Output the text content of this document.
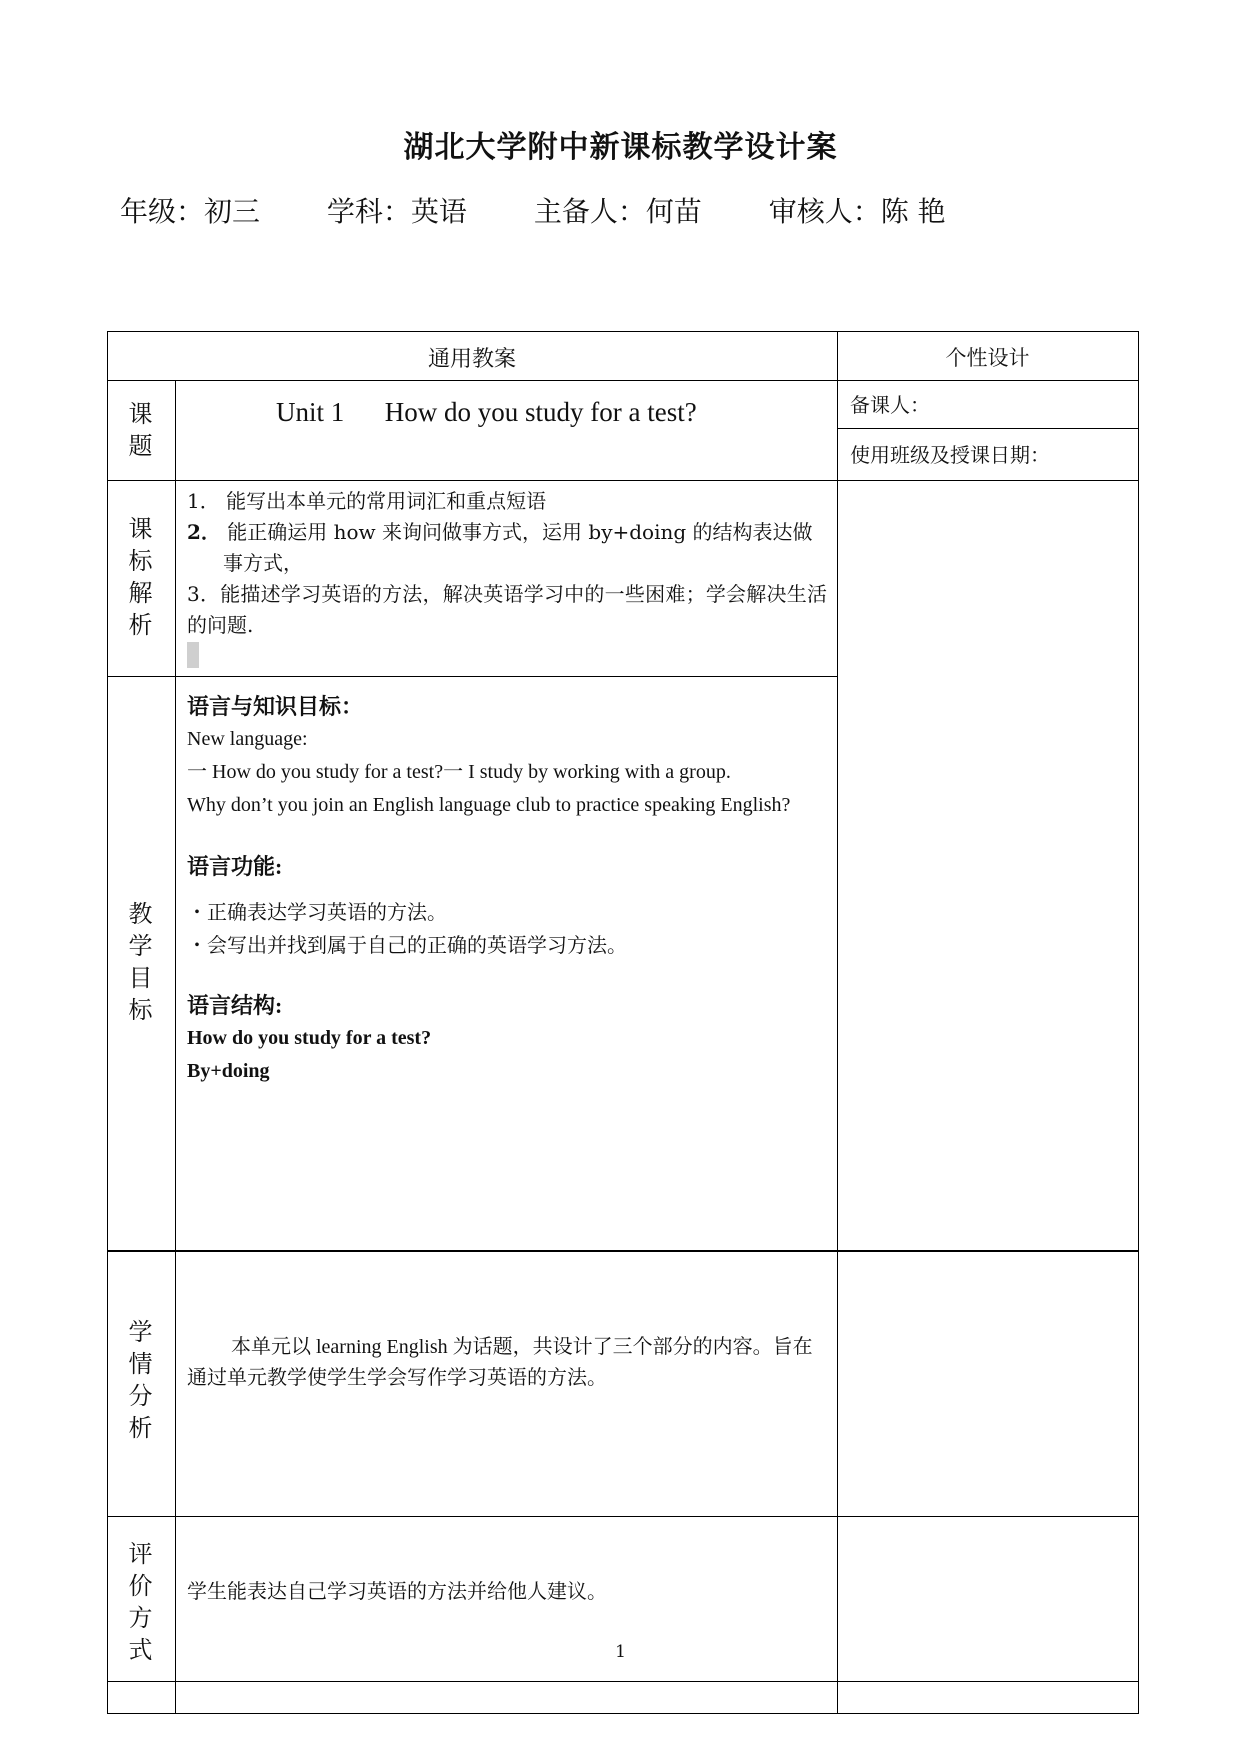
湖北大学附中新课标教学设计案
年级：初三 学科：英语 主备人：何苗 审核人：陈 艳
通用教案	个性设计
备课人：
使用班级及授课日期：
课题
Unit 1      How do you study for a test?
课标解析

1． 能写出本单元的常用词汇和重点短语

2． 能正确运用 how 来询问做事方式，运用 by+doing 的结构表达做

事方式，

3．能描述学习英语的方法，解决英语学习中的一些困难；学会解决生活的问题.

教学目标

语言与知识目标：

New language:

一 How do you study for a test?一 I study by working with a group.

Why don’t you join an English language club to practice speaking English?

语言功能:

・正确表达学习英语的方法。

・会写出并找到属于自己的正确的英语学习方法。

语言结构:

How do you study for a test?

By+doing

学情分析
本单元以 learning English 为话题，共设计了三个部分的内容。旨在通过单元教学使学生学会写作学习英语的方法。
评价方式
学生能表达自己学习英语的方法并给他人建议。
1
